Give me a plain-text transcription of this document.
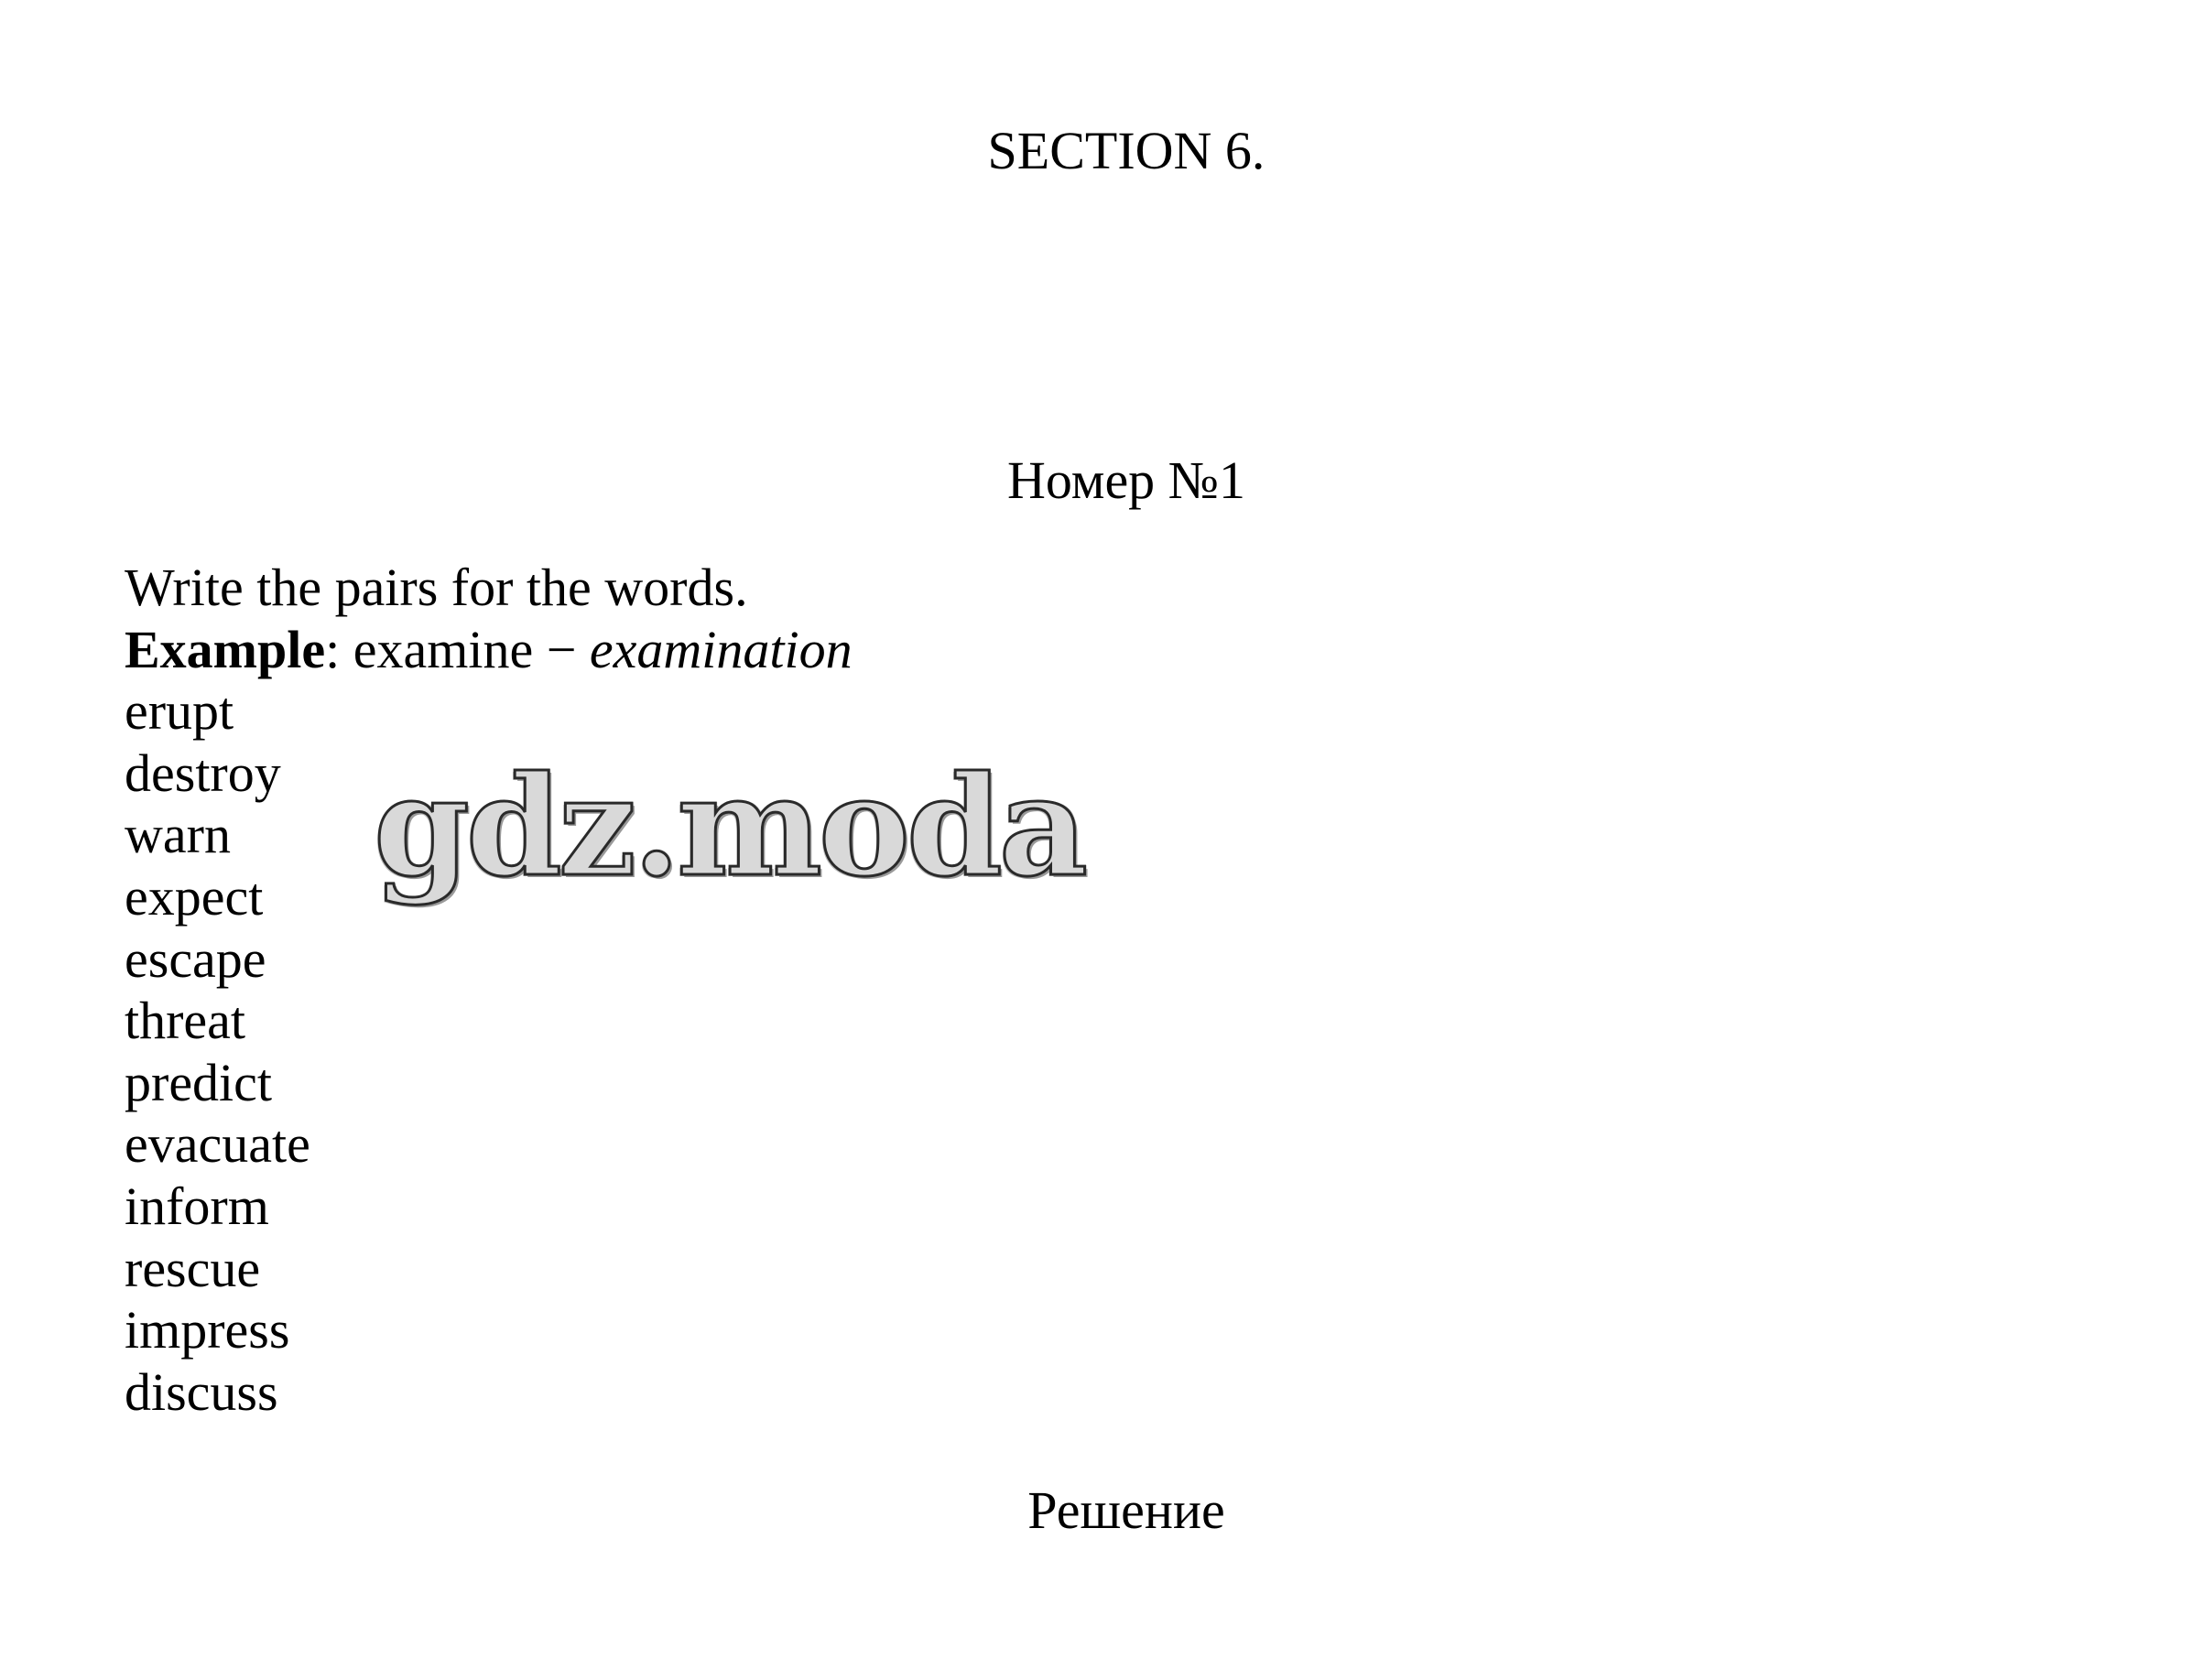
SECTION 6.
Номер №1
Write the pairs for the words.
Example: examine − examination
erupt
destroy
warn
expect
escape
threat
predict
evacuate
inform
rescue
impress
discuss
gdz.moda
Решение
